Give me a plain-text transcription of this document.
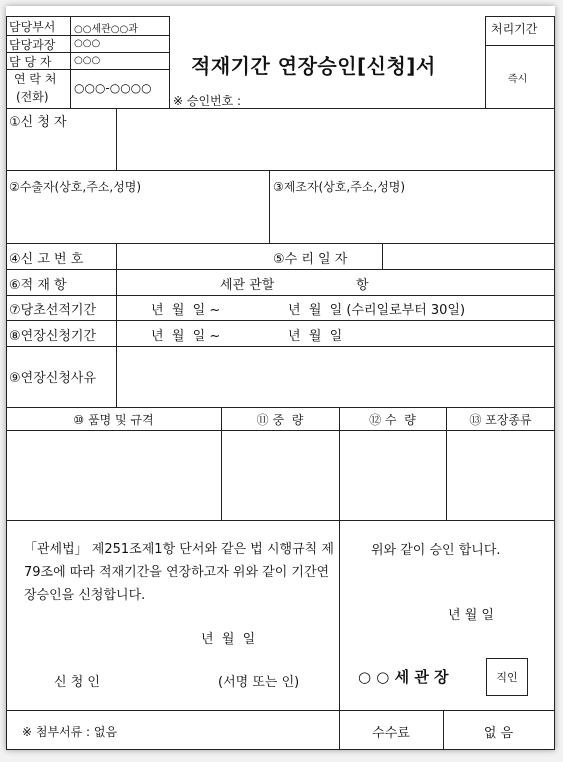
담당부서 ○○세관○○과
담당과장 ○○○
담 당 자 ○○○
연 락 처
(전화)
○○○-○○○○
적재기간 연장승인[신청]서
※ 승인번호 :
처리기간
즉시
①신 청 자
②수출자(상호,주소,성명)	③제조자(상호,주소,성명)
④신 고 번 호	⑤수 리 일 자
⑥적 재 항	세관 관할	항
⑦당초선적기간	년  월  일 ~	년  월  일 (수리일로부터 30일)
⑧연장신청기간	년  월  일 ~	년  월  일
⑨연장신청사유
⑩ 품명 및 규격	⑪ 중  량	⑫ 수  량	⑬ 포장종류
「관세법」 제251조제1항 단서와 같은 법 시행규칙 제79조에 따라 적재기간을 연장하고자 위와 같이 기간연장승인을 신청합니다.
년  월  일
신 청 인	(서명 또는 인)
위와 같이 승인 합니다.
년 월 일
○ ○ 세 관 장	직인
※ 첨부서류 : 없음	수수료	없 음
